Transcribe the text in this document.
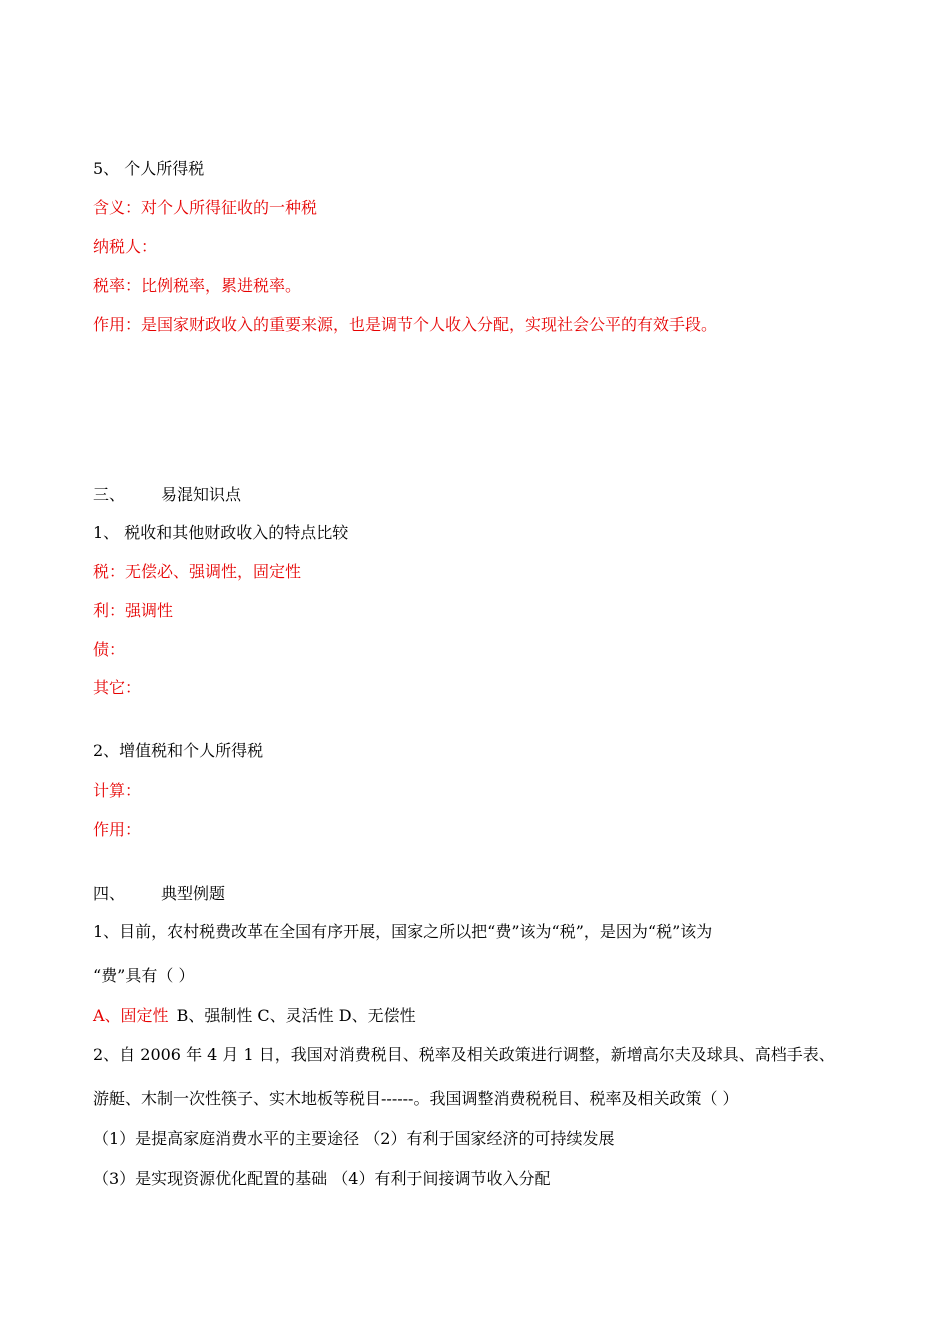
5、 个人所得税
含义：对个人所得征收的一种税
纳税人：
税率：比例税率，累进税率。
作用：是国家财政收入的重要来源，也是调节个人收入分配，实现社会公平的有效手段。
三、 易混知识点
1、 税收和其他财政收入的特点比较
税：无偿必、强调性，固定性
利：强调性
债：
其它：
2、增值税和个人所得税
计算：
作用：
四、 典型例题
1、目前，农村税费改革在全国有序开展，国家之所以把“费”该为“税”，是因为“税”该为
“费”具有（ ）
A、固定性 B、强制性 C、灵活性 D、无偿性
2、自 2006 年 4 月 1 日，我国对消费税目、税率及相关政策进行调整，新增高尔夫及球具、高档手表、
游艇、木制一次性筷子、实木地板等税目------。我国调整消费税税目、税率及相关政策（ ）
（1）是提高家庭消费水平的主要途径 （2）有利于国家经济的可持续发展
（3）是实现资源优化配置的基础 （4）有利于间接调节收入分配
